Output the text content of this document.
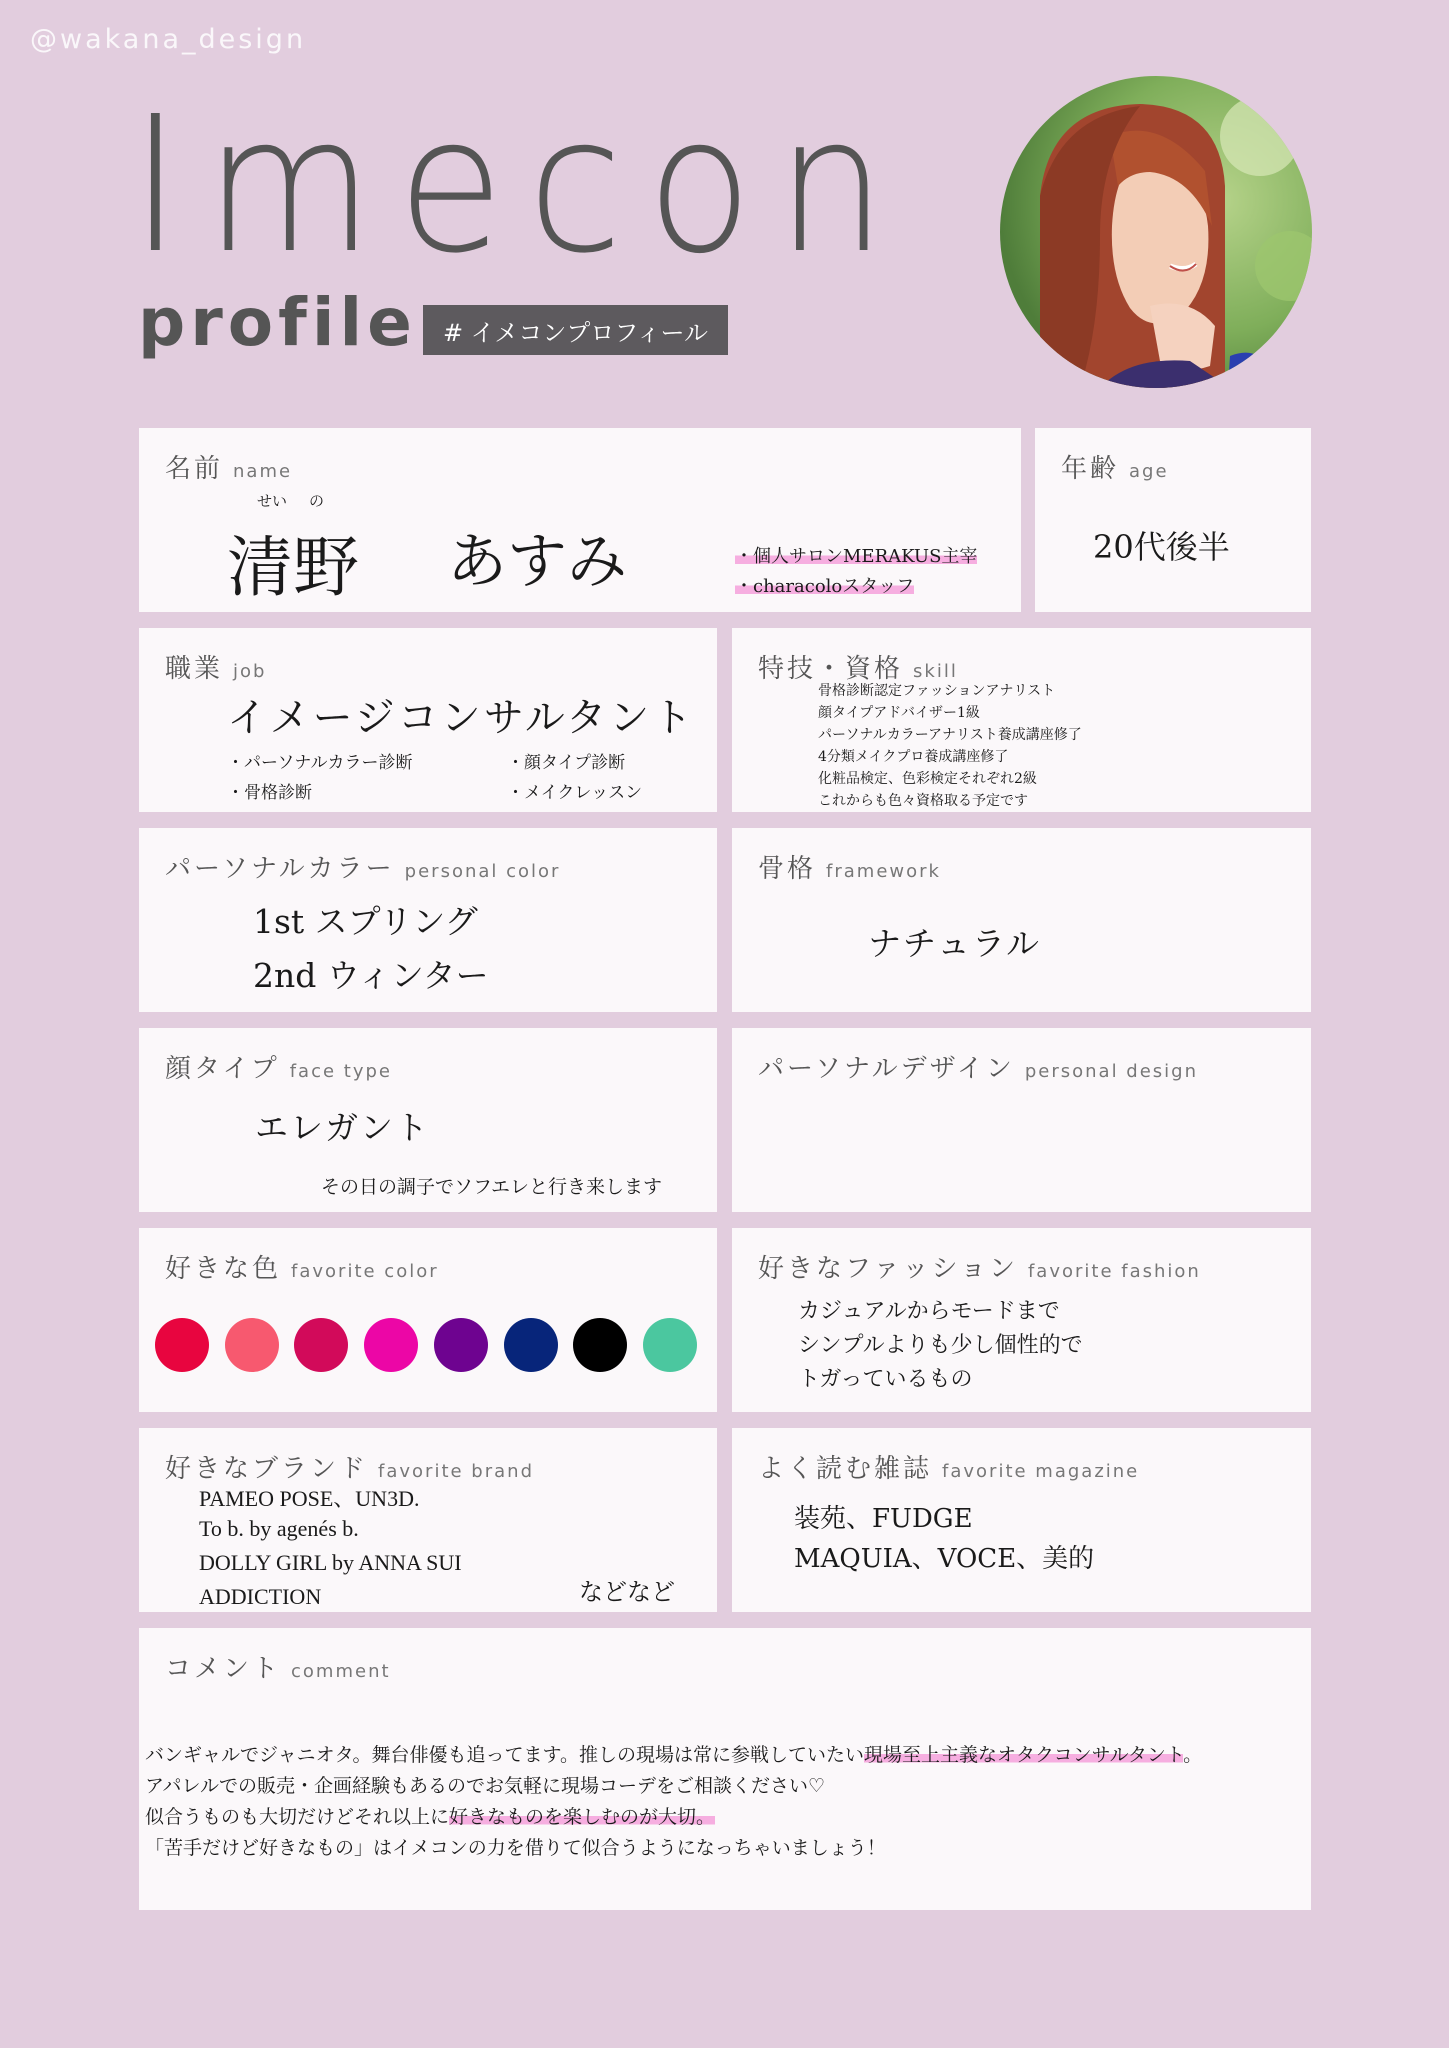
@wakana_design
Imecon
profile	# イメコンプロフィール
名前 name
せい の
清野 あすみ	・個人サロンMERAKUS主宰
・characoloスタッフ
年齢 age
20代後半
職業 job
イメージコンサルタント
・パーソナルカラー診断	・顔タイプ診断
・骨格診断	・メイクレッスン
特技・資格 skill
骨格診断認定ファッションアナリスト
顔タイプアドバイザー1級
パーソナルカラーアナリスト養成講座修了
4分類メイクプロ養成講座修了
化粧品検定、色彩検定それぞれ2級
これからも色々資格取る予定です
パーソナルカラー personal color
1st スプリング
2nd ウィンター
骨格 framework
ナチュラル
顔タイプ face type
エレガント
その日の調子でソフエレと行き来します
パーソナルデザイン personal design
好きな色 favorite color	好きなファッション favorite fashion
カジュアルからモードまで
シンプルよりも少し個性的で
トガっているもの
好きなブランド favorite brand
PAMEO POSE、UN3D.
To b. by agenés b.
DOLLY GIRL by ANNA SUI
ADDICTION	などなど
よく読む雑誌 favorite magazine
装苑、FUDGE
MAQUIA、VOCE、美的
コメント comment
バンギャルでジャニオタ。舞台俳優も追ってます。推しの現場は常に参戦していたい現場至上主義なオタクコンサルタント。
アパレルでの販売・企画経験もあるのでお気軽に現場コーデをご相談ください♡
似合うものも大切だけどそれ以上に好きなものを楽しむのが大切。
「苦手だけど好きなもの」はイメコンの力を借りて似合うようになっちゃいましょう！
